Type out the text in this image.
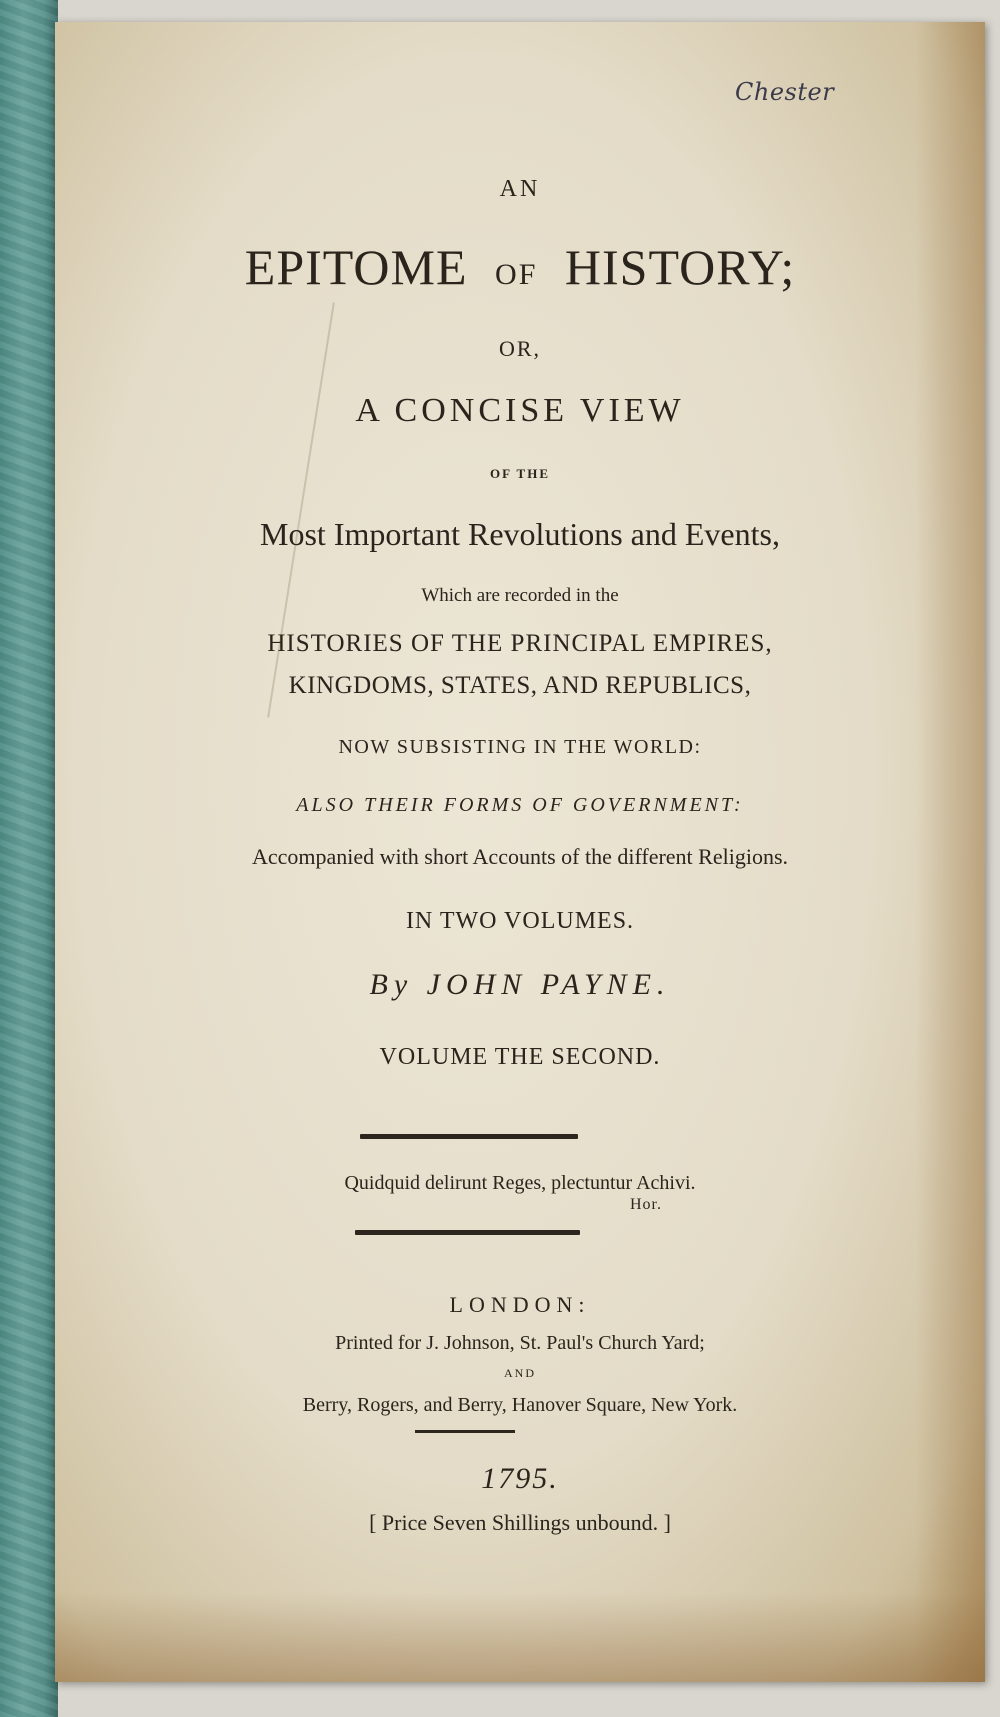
Chester
AN
EPITOME OF HISTORY;
OR,
A CONCISE VIEW
OF THE
Most Important Revolutions and Events,
Which are recorded in the
HISTORIES OF THE PRINCIPAL EMPIRES,
KINGDOMS, STATES, AND REPUBLICS,
NOW SUBSISTING IN THE WORLD:
ALSO THEIR FORMS OF GOVERNMENT:
Accompanied with short Accounts of the different Religions.
IN TWO VOLUMES.
By JOHN PAYNE.
VOLUME THE SECOND.
Quidquid delirunt Reges, plectuntur Achivi.
Hor.
LONDON:
Printed for J. Johnson, St. Paul's Church Yard;
AND
Berry, Rogers, and Berry, Hanover Square, New York.
1795.
[ Price Seven Shillings unbound. ]
